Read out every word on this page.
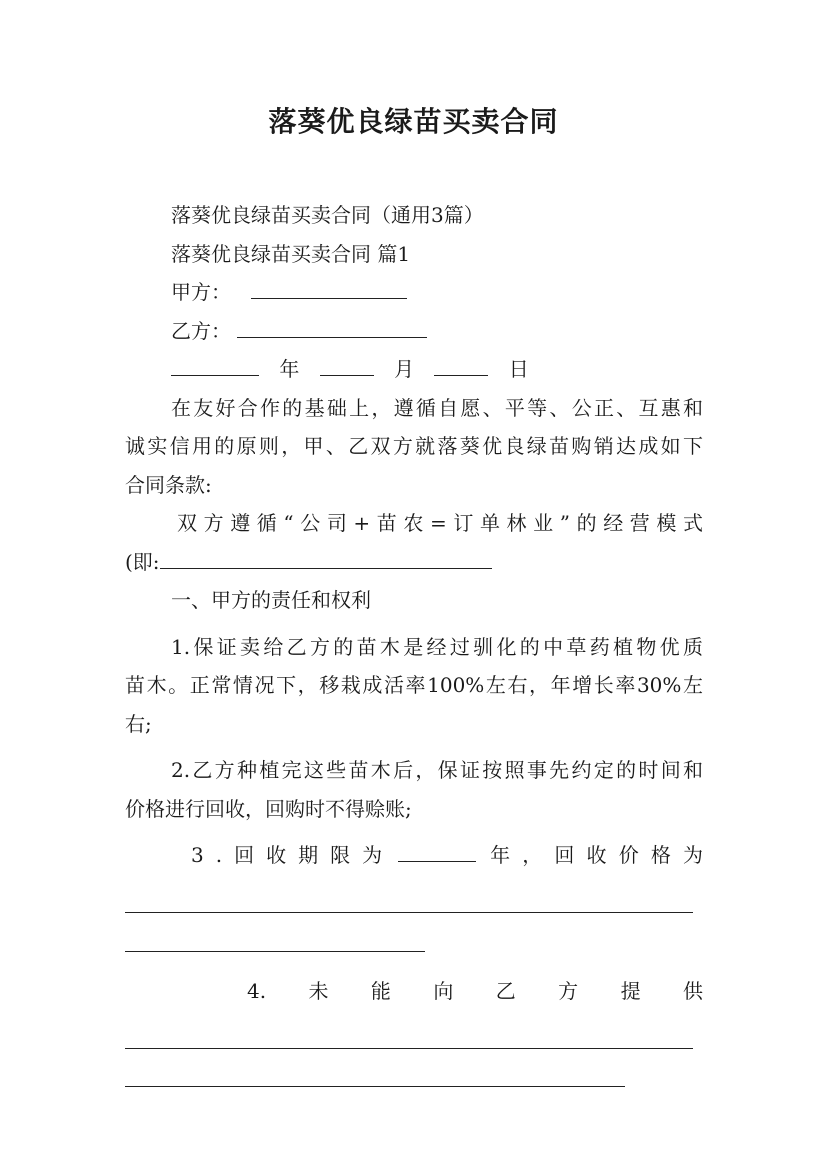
落葵优良绿苗买卖合同
落葵优良绿苗买卖合同（通用3篇）
落葵优良绿苗买卖合同 篇1
甲方：
乙方：
年	月	日
在友好合作的基础上，遵循自愿、平等、公正、互惠和
诚实信用的原则，甲、乙双方就落葵优良绿苗购销达成如下
合同条款:
双方遵循“公司+苗农=订单林业”的经营模式
(即:
一、甲方的责任和权利
1.保证卖给乙方的苗木是经过驯化的中草药植物优质
苗木。正常情况下，移栽成活率100%左右，年增长率30%左
右;
2.乙方种植完这些苗木后，保证按照事先约定的时间和
价格进行回收，回购时不得赊账;
3.回收期限为	年，回收价格为
4.未能向乙方提供
